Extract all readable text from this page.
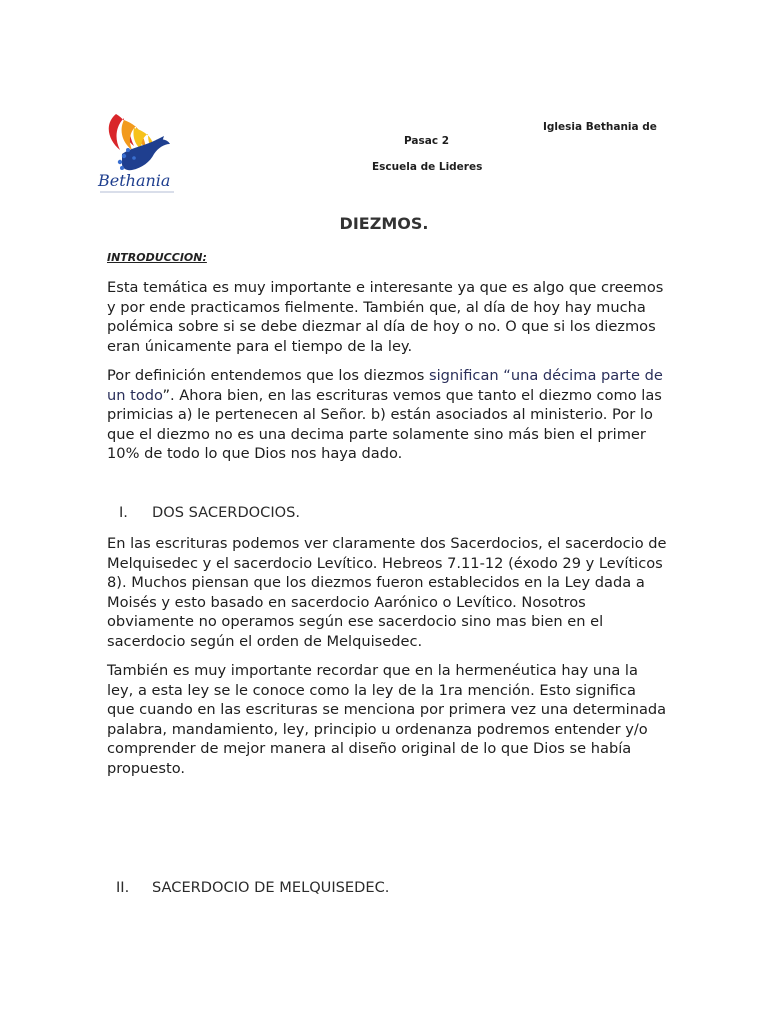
Bethania
Iglesia Bethania de
Pasac 2
Escuela de Lideres
DIEZMOS.
INTRODUCCION:

Esta temática es muy importante e interesante ya que es algo que creemos y por ende practicamos fielmente. También que, al día de hoy hay mucha polémica sobre si se debe diezmar al día de hoy o no. O que si los diezmos eran únicamente para el tiempo de la ley.

Por definición entendemos que los diezmos significan “una décima parte de un todo”. Ahora bien, en las escrituras vemos que tanto el diezmo como las primicias a) le pertenecen al Señor. b) están asociados al ministerio. Por lo que el diezmo no es una decima parte solamente sino más bien el primer 10% de todo lo que Dios nos haya dado.

I. DOS SACERDOCIOS.

En las escrituras podemos ver claramente dos Sacerdocios, el sacerdocio de Melquisedec y el sacerdocio Levítico. Hebreos 7.11-12 (éxodo 29 y Levíticos 8). Muchos piensan que los diezmos fueron establecidos en la Ley dada a Moisés y esto basado en sacerdocio Aarónico o Levítico. Nosotros obviamente no operamos según ese sacerdocio sino mas bien en el sacerdocio según el orden de Melquisedec.

También es muy importante recordar que en la hermenéutica hay una la ley, a esta ley se le conoce como la ley de la 1ra mención. Esto significa que cuando en las escrituras se menciona por primera vez una determinada palabra, mandamiento, ley, principio u ordenanza podremos entender y/o comprender de mejor manera al diseño original de lo que Dios se había propuesto.

II. SACERDOCIO DE MELQUISEDEC.
